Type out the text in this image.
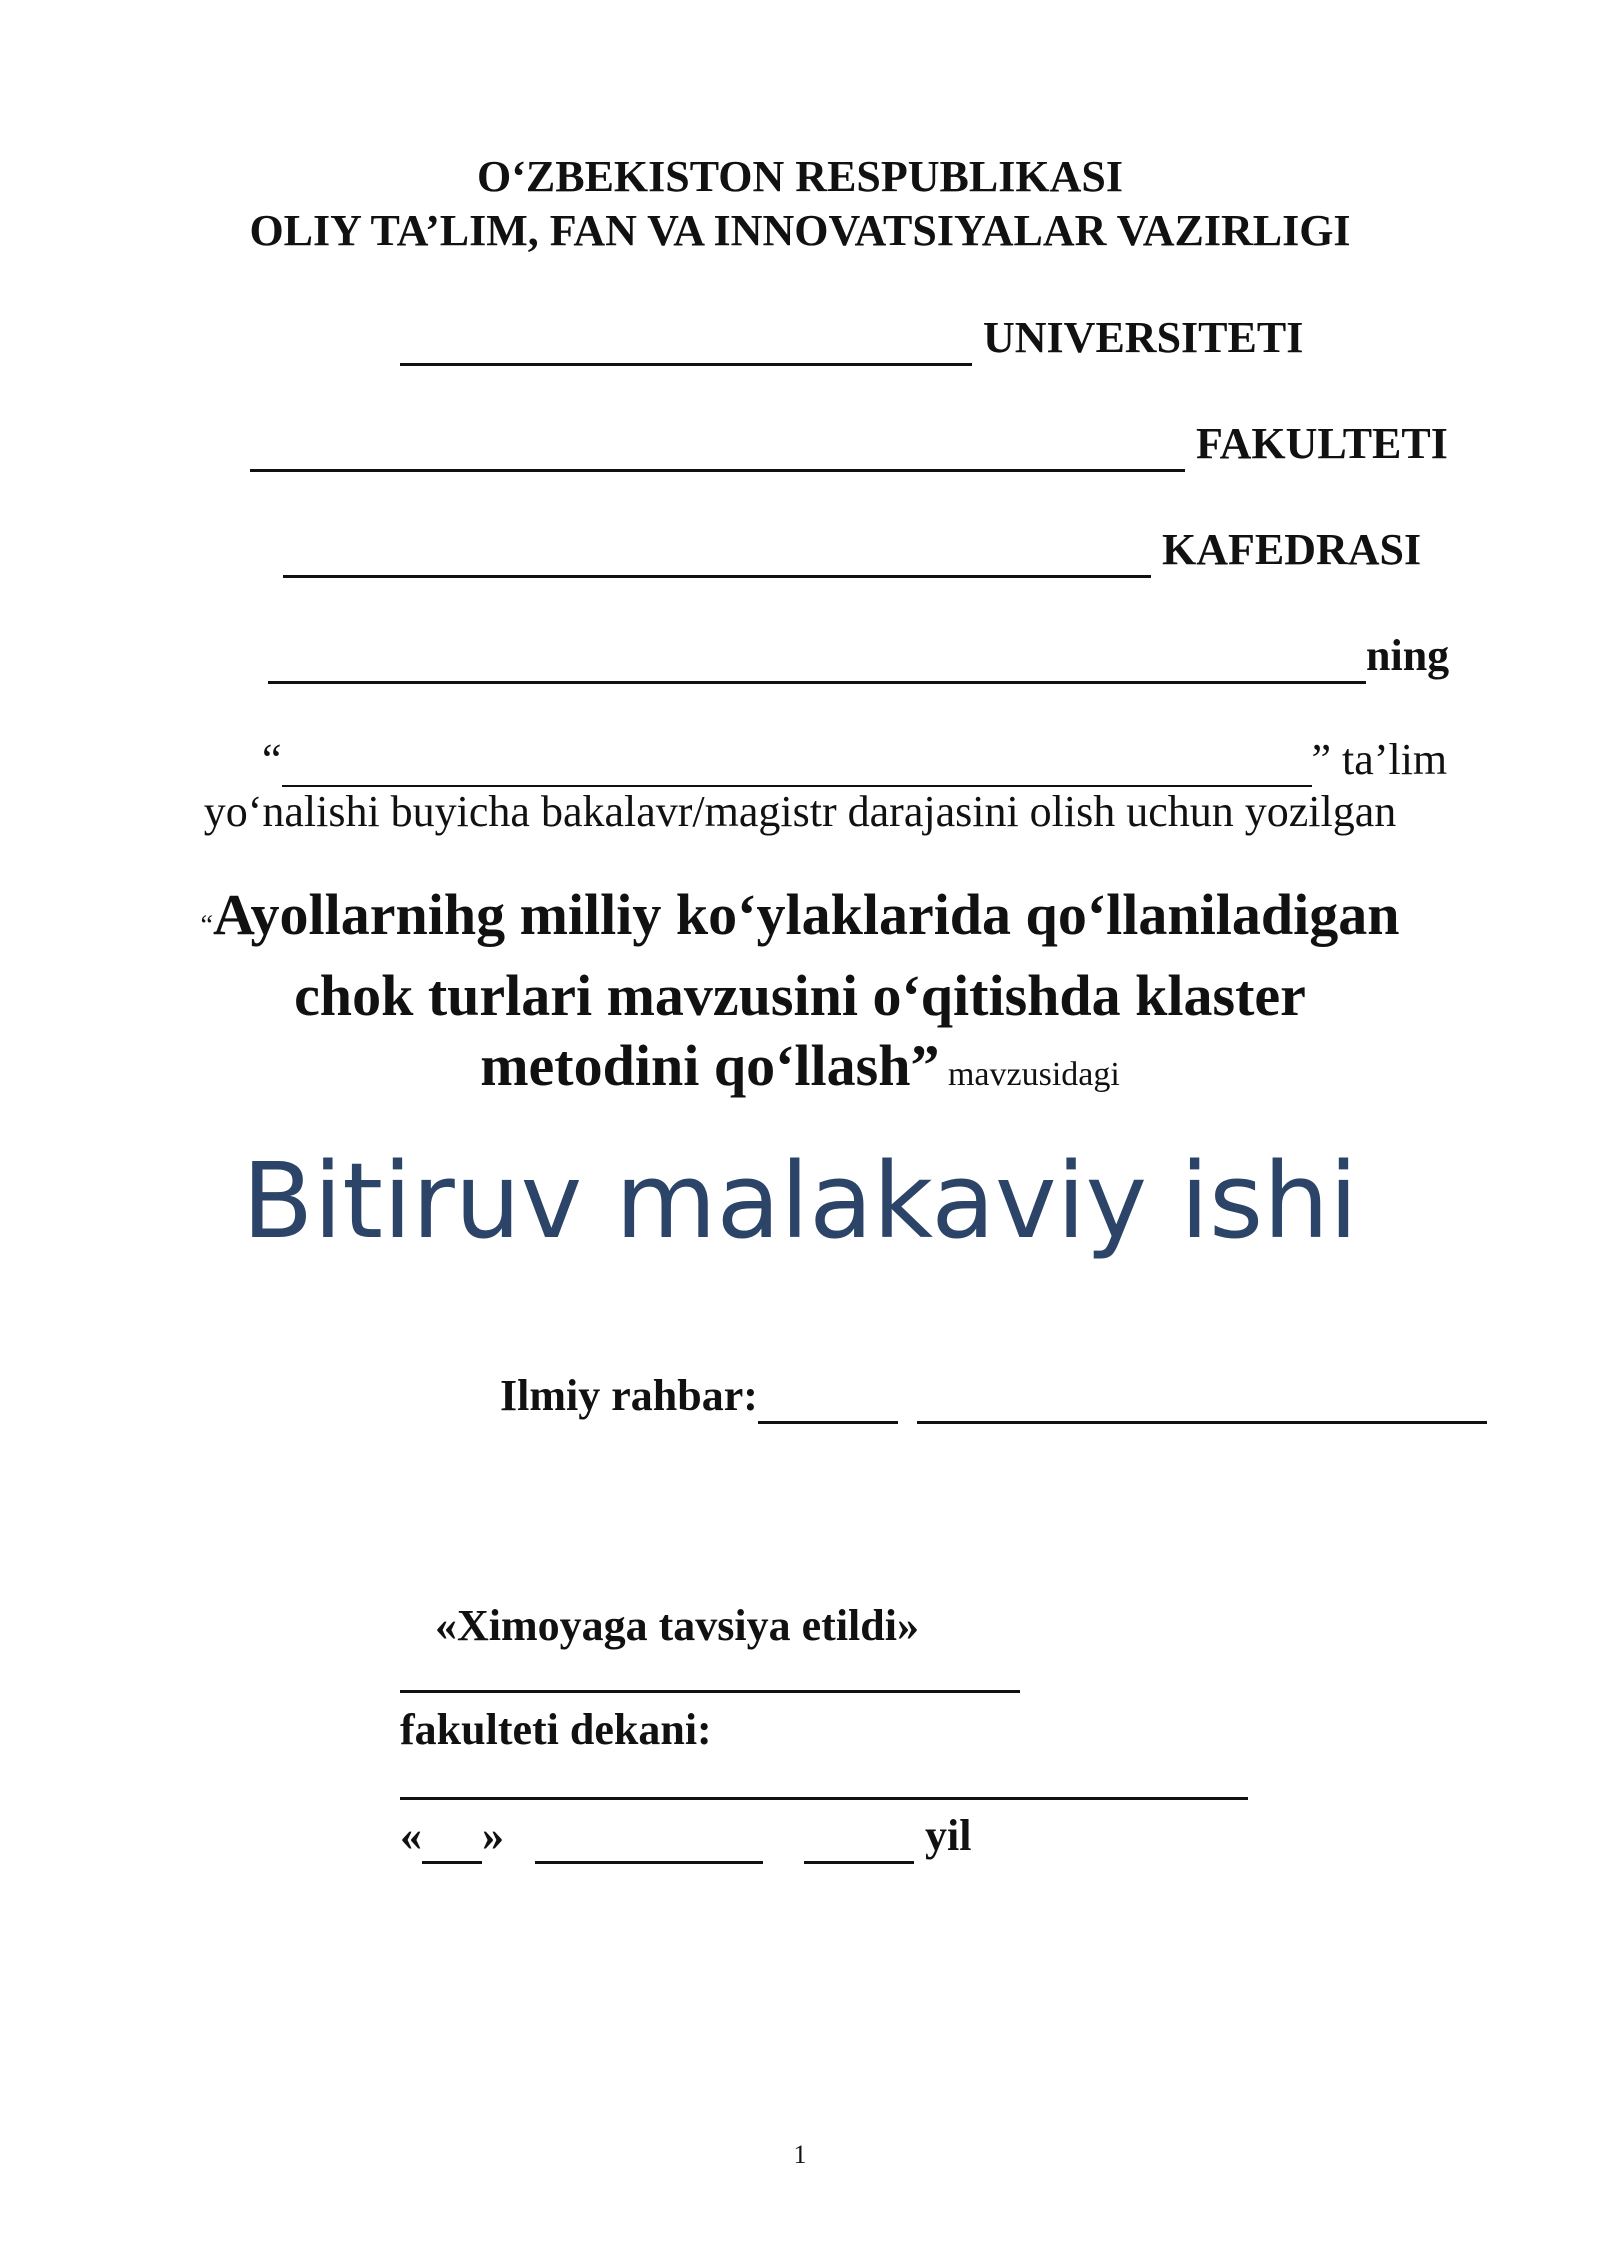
O‘ZBEKISTON RESPUBLIKASI
OLIY TA’LIM, FAN VA INNOVATSIYALAR VAZIRLIGI
UNIVERSITETI
FAKULTETI
KAFEDRASI
ning
“	” ta’lim
yo‘nalishi buyicha bakalavr/magistr darajasini olish uchun yozilgan
“Ayollarnihg milliy ko‘ylaklarida qo‘llaniladigan
chok turlari mavzusini o‘qitishda klaster
metodini qo‘llash” mavzusidagi
Bitiruv malakaviy ishi
Ilmiy rahbar:
«Ximoyaga tavsiya etildi»
fakulteti dekani:
« »	yil
1
